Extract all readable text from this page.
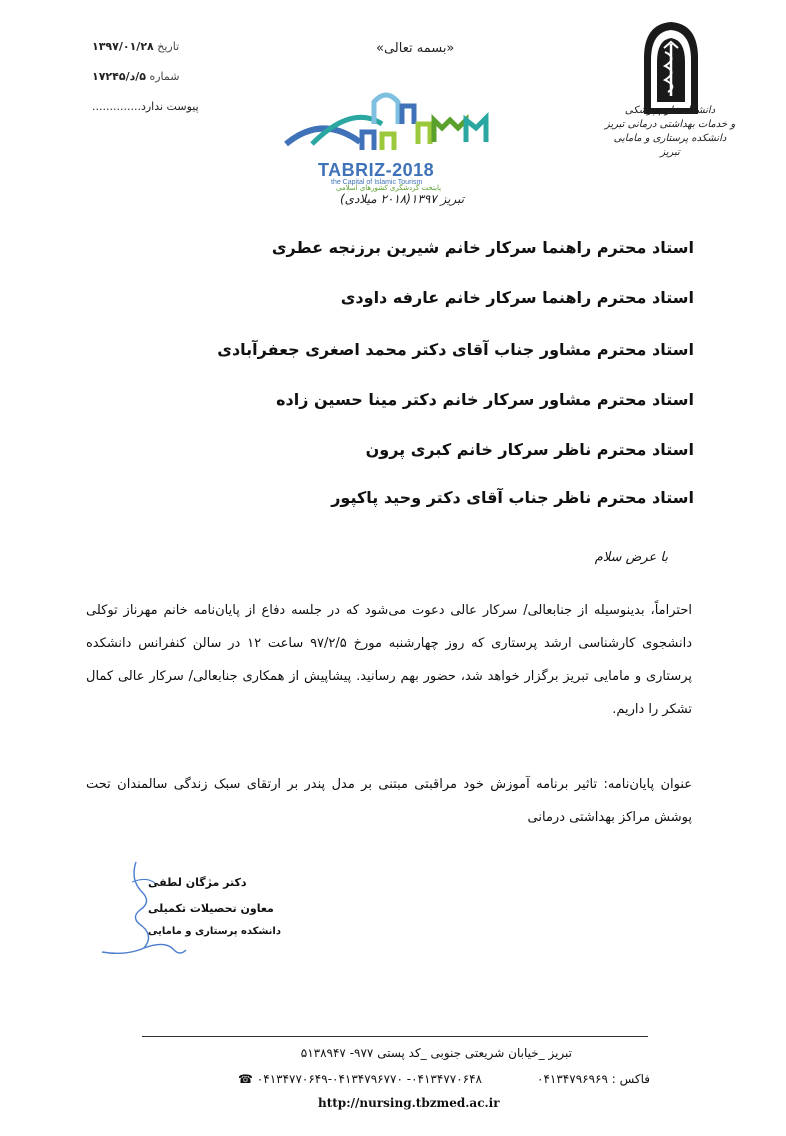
تاریخ ۱۳۹۷/۰۱/۲۸
شماره ۵/د/۱۷۲۴۵
پیوست ندارد..............
«بسمه تعالی»
دانشگاه علوم پزشکی
و خدمات بهداشتی درمانی تبریز
دانشکده پرستاری و مامایی تبریز
TABRIZ-2018
the Capital of Islamic Tourism
پایتخت گردشگری کشورهای اسلامی
تبریز ۱۳۹۷(۲۰۱۸ میلادی)
استاد محترم راهنما سرکار خانم شیرین برزنجه عطری
استاد محترم راهنما سرکار خانم عارفه داودی
استاد محترم مشاور جناب آقای دکتر محمد اصغری جعفرآبادی
استاد محترم مشاور سرکار خانم دکتر مینا حسین زاده
استاد محترم ناظر سرکار خانم کبری پرون
استاد محترم ناظر جناب آقای دکتر وحید پاکپور
با عرض سلام
احتراماً، بدینوسیله از جنابعالی/ سرکار عالی دعوت می‌شود که در جلسه دفاع از پایان‌نامه خانم مهرناز توکلی دانشجوی کارشناسی ارشد پرستاری که روز چهارشنبه مورخ ۹۷/۲/۵ ساعت ۱۲ در سالن کنفرانس دانشکده پرستاری و مامایی تبریز برگزار خواهد شد، حضور بهم رسانید. پیشاپیش از همکاری جنابعالی/ سرکار عالی کمال تشکر را داریم.
عنوان پایان‌نامه: تاثیر برنامه آموزش خود مراقبتی مبتنی بر مدل پندر بر ارتقای سبک زندگی سالمندان تحت پوشش مراکز بهداشتی درمانی
دکتر مژگان لطفی
معاون تحصیلات تکمیلی
دانشکده پرستاری و مامایی
تبریز _خیابان شریعتی جنوبی _کد پستی ۹۷۷- ۵۱۳۸۹۴۷
فاکس : ۰۴۱۳۴۷۹۶۹۶۹
۰۴۱۳۴۷۷۰۶۴۸- ۰۴۱۳۴۷۷۰۶۴۹-۰۴۱۳۴۷۹۶۷۷۰ ☎
http://nursing.tbzmed.ac.ir
